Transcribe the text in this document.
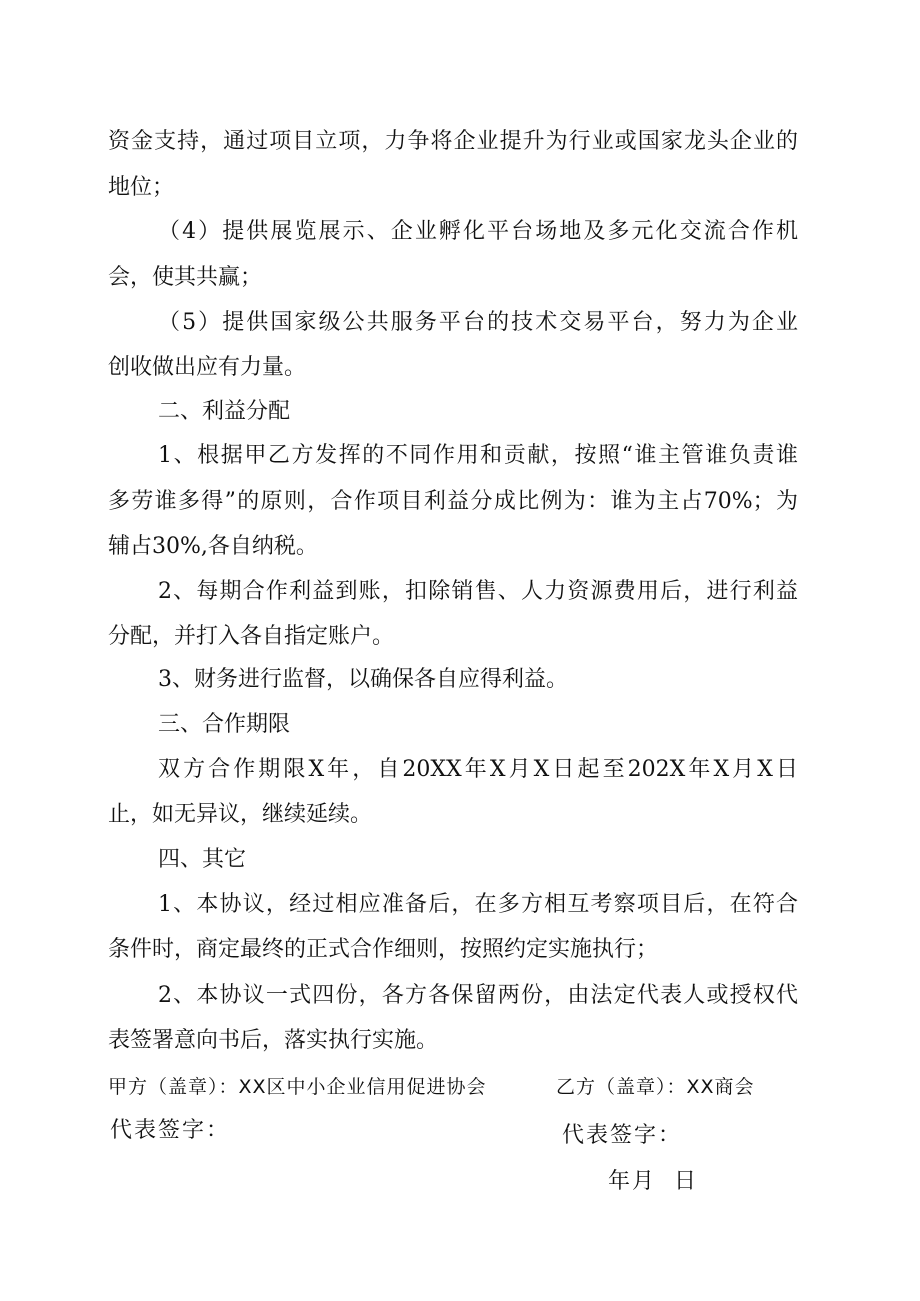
资金支持，通过项目立项，力争将企业提升为行业或国家龙头企业的
地位；
（4）提供展览展示、企业孵化平台场地及多元化交流合作机
会，使其共赢；
（5）提供国家级公共服务平台的技术交易平台，努力为企业
创收做出应有力量。
二、利益分配
1、根据甲乙方发挥的不同作用和贡献，按照“谁主管谁负责谁
多劳谁多得”的原则，合作项目利益分成比例为：谁为主占70%；为
辅占30%,各自纳税。
2、每期合作利益到账，扣除销售、人力资源费用后，进行利益
分配，并打入各自指定账户。
3、财务进行监督，以确保各自应得利益。
三、合作期限
双方合作期限X年，自20XX年X月X日起至202X年X月X日
止，如无异议，继续延续。
四、其它
1、本协议，经过相应准备后，在多方相互考察项目后，在符合
条件时，商定最终的正式合作细则，按照约定实施执行；
2、本协议一式四份，各方各保留两份，由法定代表人或授权代
表签署意向书后，落实执行实施。
甲方（盖章）：XX区中小企业信用促进协会	乙方（盖章）：XX商会
代表签字：	代表签字：
年月  日
